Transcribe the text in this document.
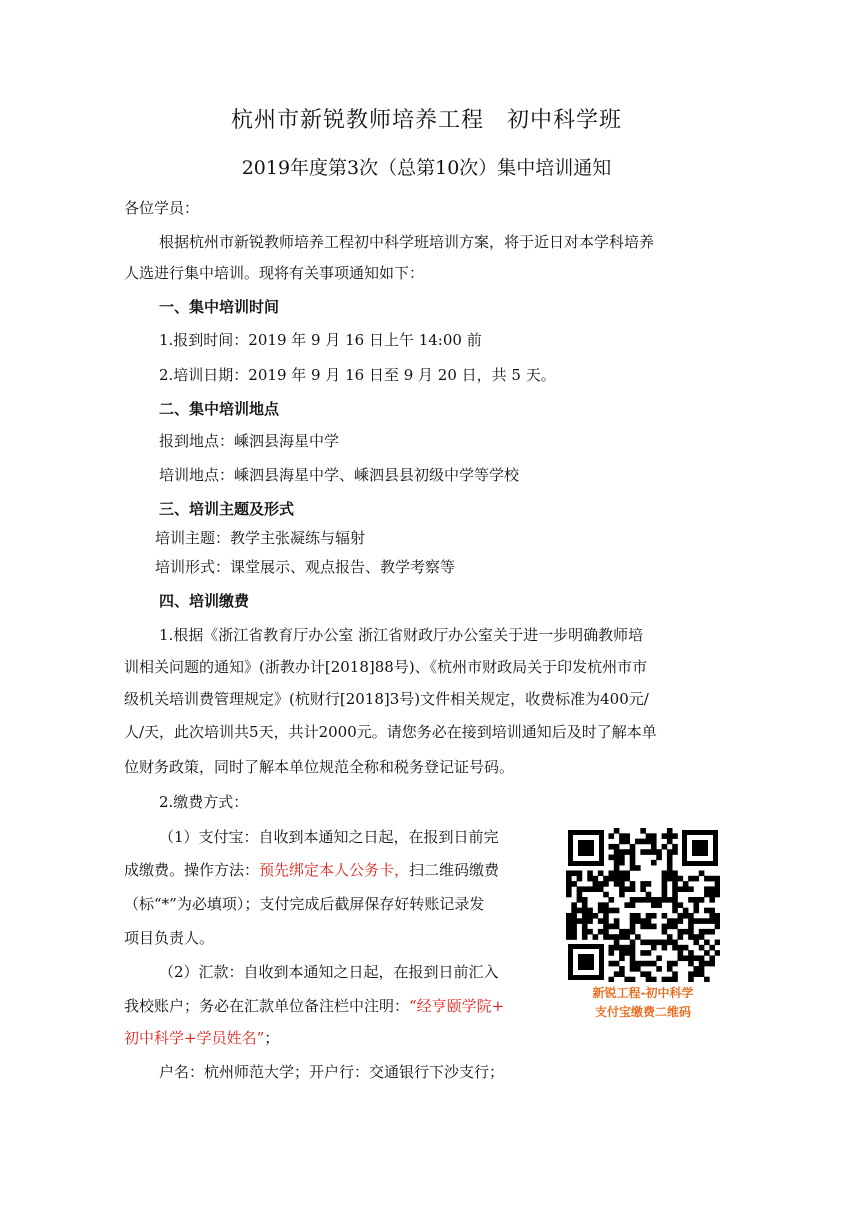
杭州市新锐教师培养工程　初中科学班
2019年度第3次（总第10次）集中培训通知
各位学员：
根据杭州市新锐教师培养工程初中科学班培训方案，将于近日对本学科培养
人选进行集中培训。现将有关事项通知如下：
一、集中培训时间
1.报到时间：2019 年 9 月 16 日上午 14:00 前
2.培训日期：2019 年 9 月 16 日至 9 月 20 日，共 5 天。
二、集中培训地点
报到地点：嵊泗县海星中学
培训地点：嵊泗县海星中学、嵊泗县县初级中学等学校
三、培训主题及形式
培训主题：教学主张凝练与辐射
培训形式：课堂展示、观点报告、教学考察等
四、培训缴费
1.根据《浙江省教育厅办公室 浙江省财政厅办公室关于进一步明确教师培
训相关问题的通知》(浙教办计[2018]88号)、《杭州市财政局关于印发杭州市市
级机关培训费管理规定》(杭财行[2018]3号)文件相关规定，收费标准为400元/
人/天，此次培训共5天，共计2000元。请您务必在接到培训通知后及时了解本单
位财务政策，同时了解本单位规范全称和税务登记证号码。
2.缴费方式：
（1）支付宝：自收到本通知之日起，在报到日前完
成缴费。操作方法：预先绑定本人公务卡，扫二维码缴费
（标“*”为必填项）；支付完成后截屏保存好转账记录发
项目负责人。
（2）汇款：自收到本通知之日起，在报到日前汇入
我校账户；务必在汇款单位备注栏中注明：“经亨颐学院+
初中科学+学员姓名”；
户名：杭州师范大学；开户行：交通银行下沙支行；
新锐工程-初中科学
支付宝缴费二维码
